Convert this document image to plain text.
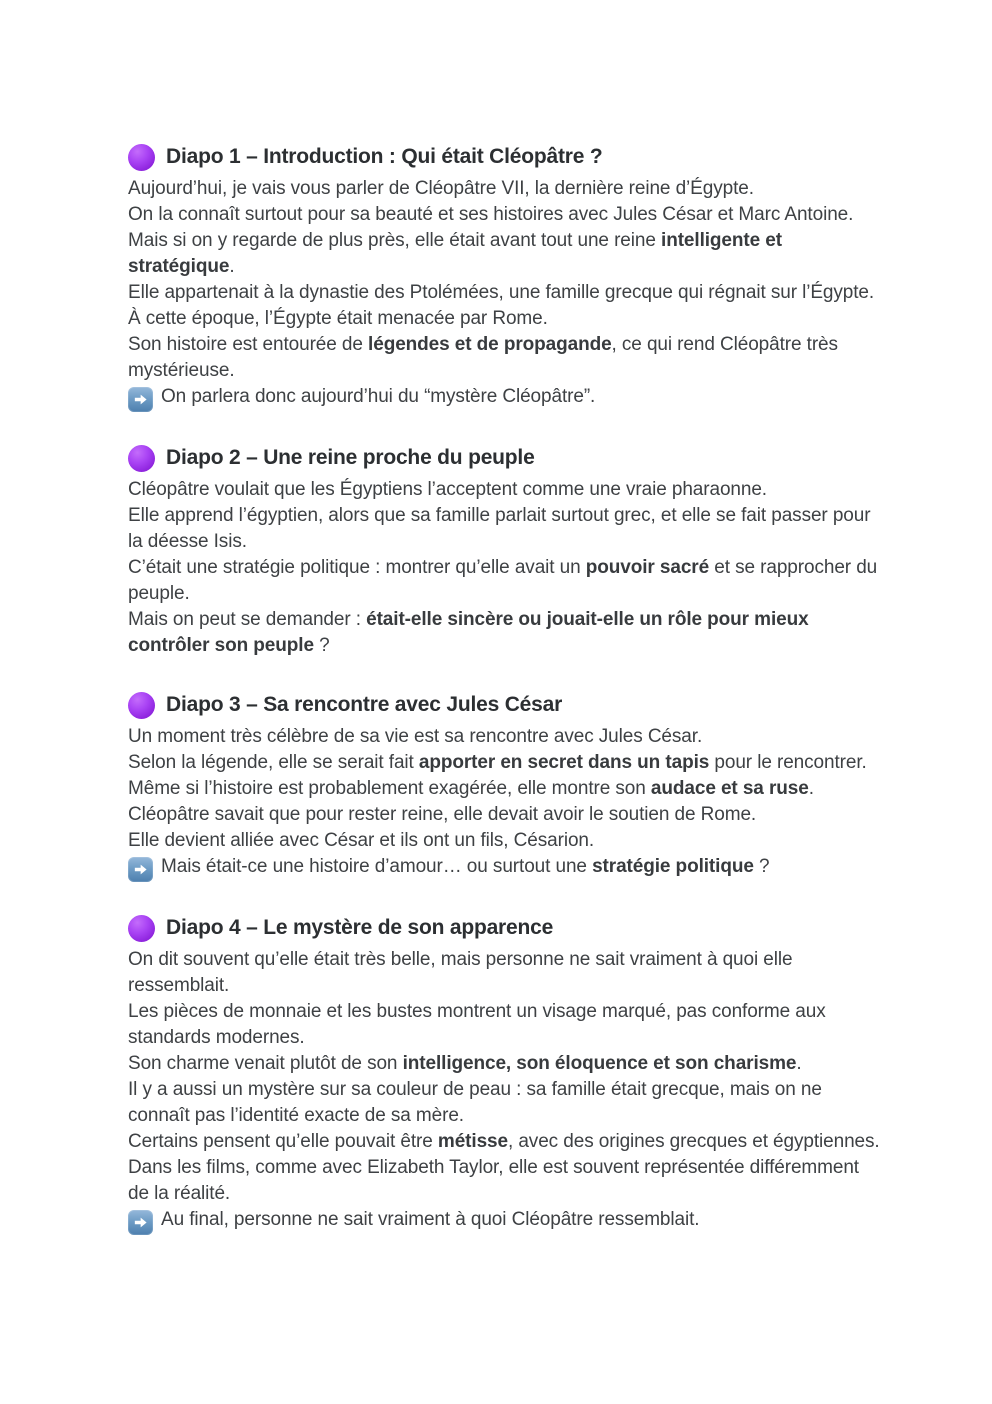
Diapo 1 – Introduction : Qui était Cléopâtre ?

Aujourd’hui, je vais vous parler de Cléopâtre VII, la dernière reine d’Égypte.

On la connaît surtout pour sa beauté et ses histoires avec Jules César et Marc Antoine. Mais si on y regarde de plus près, elle était avant tout une reine intelligente et stratégique.

Elle appartenait à la dynastie des Ptolémées, une famille grecque qui régnait sur l’Égypte. À cette époque, l’Égypte était menacée par Rome.

Son histoire est entourée de légendes et de propagande, ce qui rend Cléopâtre très mystérieuse.

On parlera donc aujourd’hui du “mystère Cléopâtre”.

Diapo 2 – Une reine proche du peuple

Cléopâtre voulait que les Égyptiens l’acceptent comme une vraie pharaonne.

Elle apprend l’égyptien, alors que sa famille parlait surtout grec, et elle se fait passer pour la déesse Isis.

C’était une stratégie politique : montrer qu’elle avait un pouvoir sacré et se rapprocher du peuple.

Mais on peut se demander : était-elle sincère ou jouait-elle un rôle pour mieux contrôler son peuple ?

Diapo 3 – Sa rencontre avec Jules César

Un moment très célèbre de sa vie est sa rencontre avec Jules César.

Selon la légende, elle se serait fait apporter en secret dans un tapis pour le rencontrer. Même si l’histoire est probablement exagérée, elle montre son audace et sa ruse.

Cléopâtre savait que pour rester reine, elle devait avoir le soutien de Rome.

Elle devient alliée avec César et ils ont un fils, Césarion.

Mais était-ce une histoire d’amour… ou surtout une stratégie politique ?

Diapo 4 – Le mystère de son apparence

On dit souvent qu’elle était très belle, mais personne ne sait vraiment à quoi elle ressemblait.

Les pièces de monnaie et les bustes montrent un visage marqué, pas conforme aux standards modernes.

Son charme venait plutôt de son intelligence, son éloquence et son charisme.

Il y a aussi un mystère sur sa couleur de peau : sa famille était grecque, mais on ne connaît pas l’identité exacte de sa mère.

Certains pensent qu’elle pouvait être métisse, avec des origines grecques et égyptiennes.

Dans les films, comme avec Elizabeth Taylor, elle est souvent représentée différemment de la réalité.

Au final, personne ne sait vraiment à quoi Cléopâtre ressemblait.
